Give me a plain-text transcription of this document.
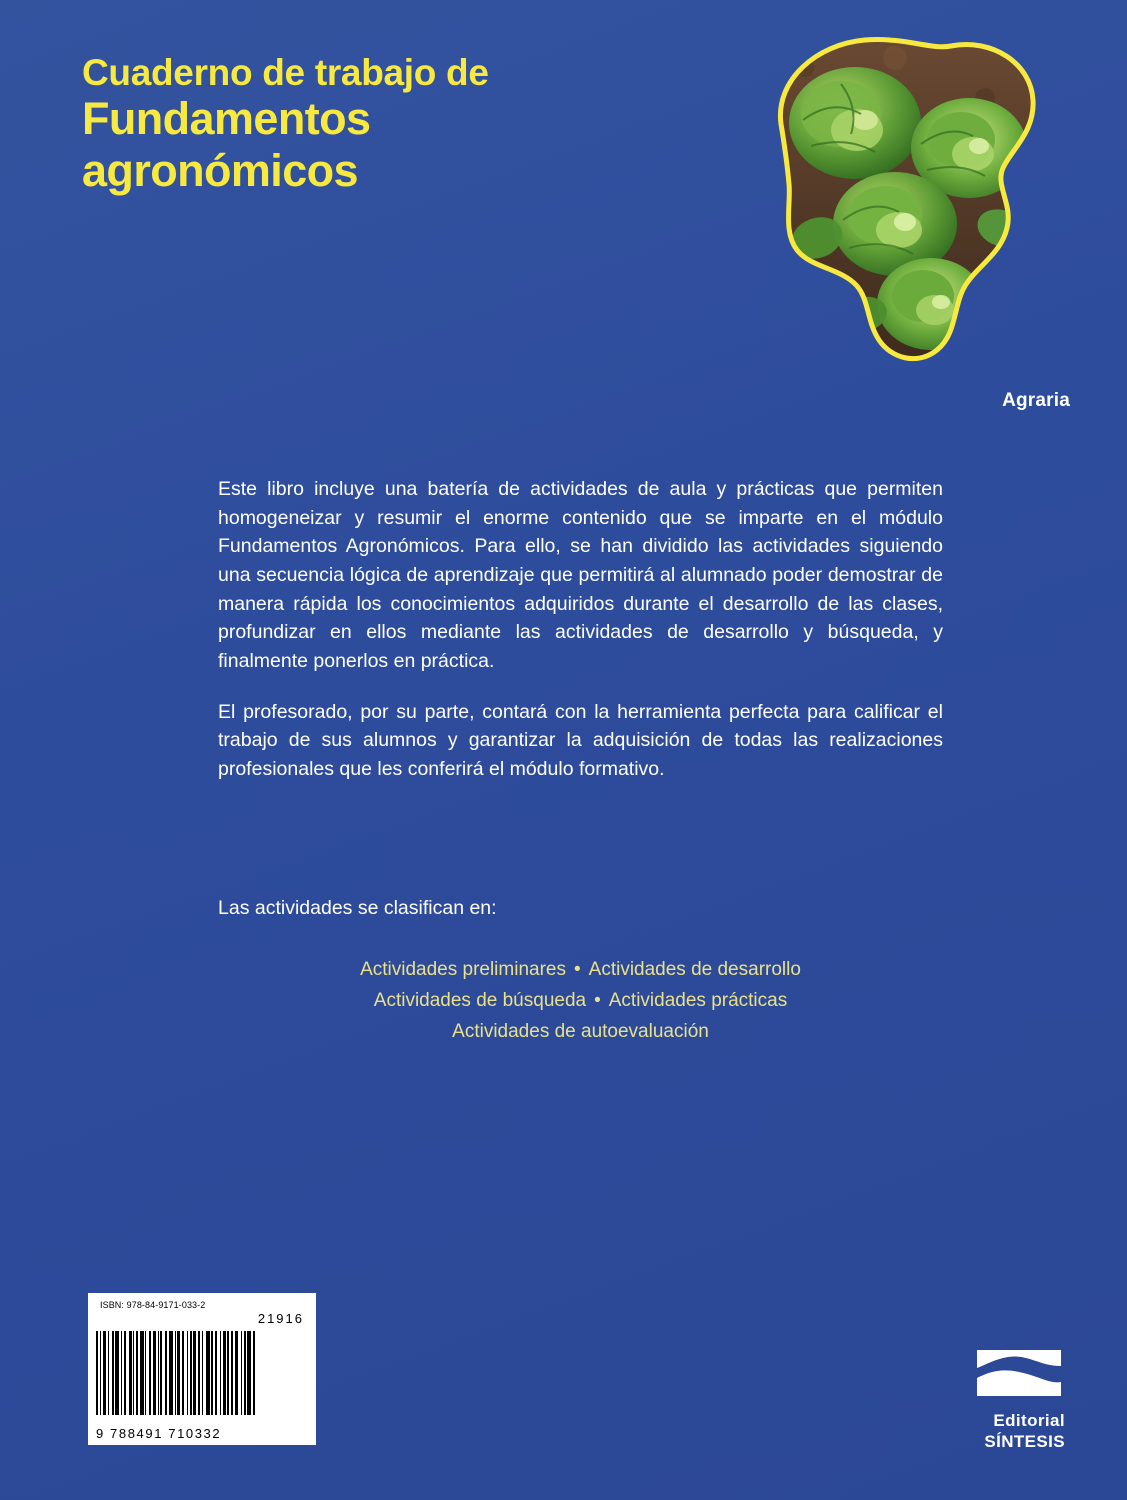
Cuaderno de trabajo de
Fundamentos
agronómicos
Agraria

Este libro incluye una batería de actividades de aula y prácticas que permiten homogeneizar y resumir el enorme contenido que se imparte en el módulo Fundamentos Agronómicos. Para ello, se han dividido las actividades siguiendo una secuencia lógica de aprendizaje que permitirá al alumnado poder demostrar de manera rápida los conocimientos adquiridos durante el desarrollo de las clases, profundizar en ellos mediante las actividades de desarrollo y búsqueda, y finalmente ponerlos en práctica.

El profesorado, por su parte, contará con la herramienta perfecta para calificar el trabajo de sus alumnos y garantizar la adquisición de todas las realizaciones profesionales que les conferirá el módulo formativo.

Las actividades se clasifican en:
Actividades preliminares • Actividades de desarrollo
Actividades de búsqueda • Actividades prácticas
Actividades de autoevaluación
ISBN: 978-84-9171-033-2
21916
9 788491 710332
Editorial
SÍNTESIS
